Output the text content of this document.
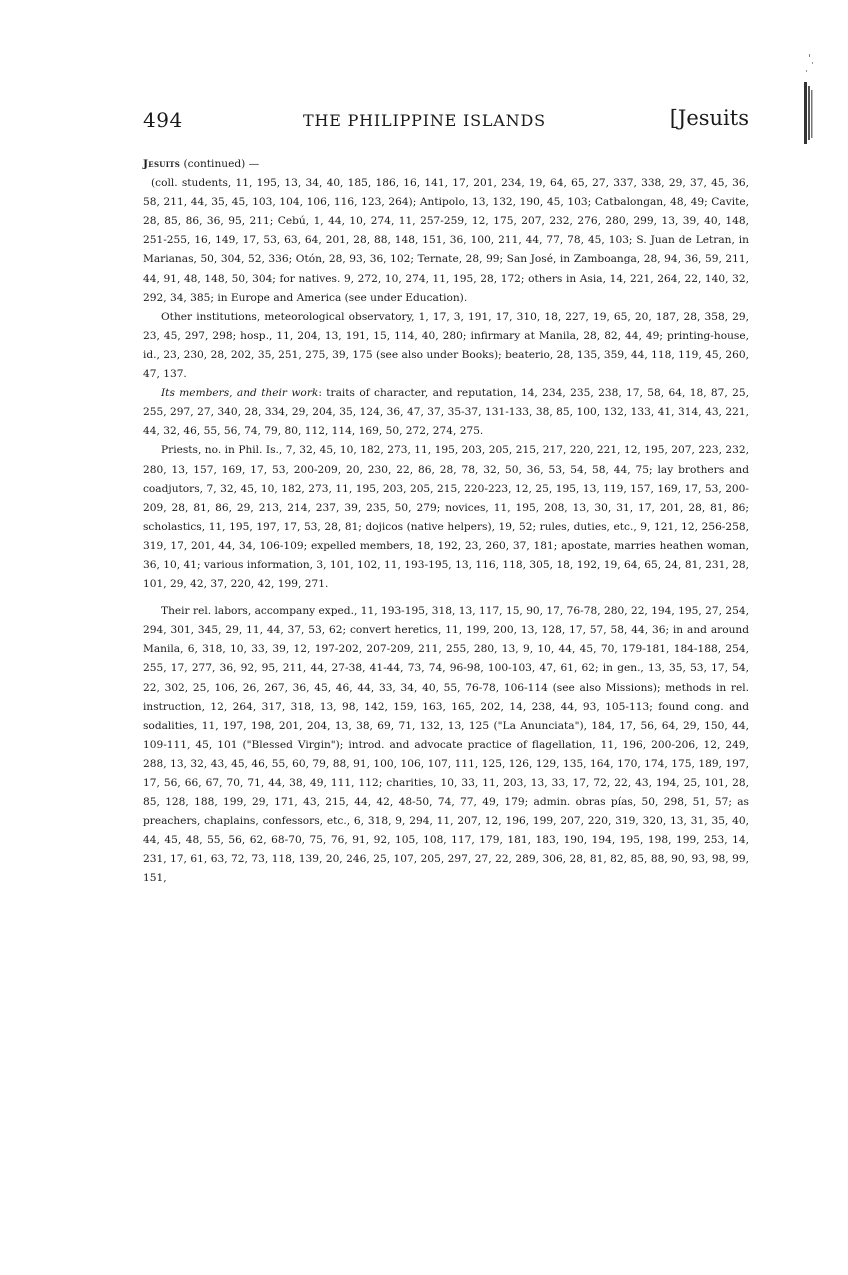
494	THE PHILIPPINE ISLANDS	[Jesuits

Jesuits (continued) —

(coll. students, 11, 195, 13, 34, 40, 185, 186, 16, 141, 17, 201, 234, 19, 64, 65, 27, 337, 338, 29, 37, 45, 36, 58, 211, 44, 35, 45, 103, 104, 106, 116, 123, 264); Antipolo, 13, 132, 190, 45, 103; Catbalongan, 48, 49; Cavite, 28, 85, 86, 36, 95, 211; Cebú, 1, 44, 10, 274, 11, 257-259, 12, 175, 207, 232, 276, 280, 299, 13, 39, 40, 148, 251-255, 16, 149, 17, 53, 63, 64, 201, 28, 88, 148, 151, 36, 100, 211, 44, 77, 78, 45, 103; S. Juan de Letran, in Marianas, 50, 304, 52, 336; Otón, 28, 93, 36, 102; Ternate, 28, 99; San José, in Zamboanga, 28, 94, 36, 59, 211, 44, 91, 48, 148, 50, 304; for natives. 9, 272, 10, 274, 11, 195, 28, 172; others in Asia, 14, 221, 264, 22, 140, 32, 292, 34, 385; in Europe and America (see under Education).

Other institutions, meteorological observatory, 1, 17, 3, 191, 17, 310, 18, 227, 19, 65, 20, 187, 28, 358, 29, 23, 45, 297, 298; hosp., 11, 204, 13, 191, 15, 114, 40, 280; infirmary at Manila, 28, 82, 44, 49; printing-house, id., 23, 230, 28, 202, 35, 251, 275, 39, 175 (see also under Books); beaterio, 28, 135, 359, 44, 118, 119, 45, 260, 47, 137.

Its members, and their work: traits of character, and reputation, 14, 234, 235, 238, 17, 58, 64, 18, 87, 25, 255, 297, 27, 340, 28, 334, 29, 204, 35, 124, 36, 47, 37, 35-37, 131-133, 38, 85, 100, 132, 133, 41, 314, 43, 221, 44, 32, 46, 55, 56, 74, 79, 80, 112, 114, 169, 50, 272, 274, 275.

Priests, no. in Phil. Is., 7, 32, 45, 10, 182, 273, 11, 195, 203, 205, 215, 217, 220, 221, 12, 195, 207, 223, 232, 280, 13, 157, 169, 17, 53, 200-209, 20, 230, 22, 86, 28, 78, 32, 50, 36, 53, 54, 58, 44, 75; lay brothers and coadjutors, 7, 32, 45, 10, 182, 273, 11, 195, 203, 205, 215, 220-223, 12, 25, 195, 13, 119, 157, 169, 17, 53, 200-209, 28, 81, 86, 29, 213, 214, 237, 39, 235, 50, 279; novices, 11, 195, 208, 13, 30, 31, 17, 201, 28, 81, 86; scholastics, 11, 195, 197, 17, 53, 28, 81; dojicos (native helpers), 19, 52; rules, duties, etc., 9, 121, 12, 256-258, 319, 17, 201, 44, 34, 106-109; expelled members, 18, 192, 23, 260, 37, 181; apostate, marries heathen woman, 36, 10, 41; various information, 3, 101, 102, 11, 193-195, 13, 116, 118, 305, 18, 192, 19, 64, 65, 24, 81, 231, 28, 101, 29, 42, 37, 220, 42, 199, 271.

Their rel. labors, accompany exped., 11, 193-195, 318, 13, 117, 15, 90, 17, 76-78, 280, 22, 194, 195, 27, 254, 294, 301, 345, 29, 11, 44, 37, 53, 62; convert heretics, 11, 199, 200, 13, 128, 17, 57, 58, 44, 36; in and around Manila, 6, 318, 10, 33, 39, 12, 197-202, 207-209, 211, 255, 280, 13, 9, 10, 44, 45, 70, 179-181, 184-188, 254, 255, 17, 277, 36, 92, 95, 211, 44, 27-38, 41-44, 73, 74, 96-98, 100-103, 47, 61, 62; in gen., 13, 35, 53, 17, 54, 22, 302, 25, 106, 26, 267, 36, 45, 46, 44, 33, 34, 40, 55, 76-78, 106-114 (see also Missions); methods in rel. instruction, 12, 264, 317, 318, 13, 98, 142, 159, 163, 165, 202, 14, 238, 44, 93, 105-113; found cong. and sodalities, 11, 197, 198, 201, 204, 13, 38, 69, 71, 132, 13, 125 ("La Anunciata"), 184, 17, 56, 64, 29, 150, 44, 109-111, 45, 101 ("Blessed Virgin"); introd. and advocate practice of flagellation, 11, 196, 200-206, 12, 249, 288, 13, 32, 43, 45, 46, 55, 60, 79, 88, 91, 100, 106, 107, 111, 125, 126, 129, 135, 164, 170, 174, 175, 189, 197, 17, 56, 66, 67, 70, 71, 44, 38, 49, 111, 112; charities, 10, 33, 11, 203, 13, 33, 17, 72, 22, 43, 194, 25, 101, 28, 85, 128, 188, 199, 29, 171, 43, 215, 44, 42, 48-50, 74, 77, 49, 179; admin. obras pías, 50, 298, 51, 57; as preachers, chaplains, confessors, etc., 6, 318, 9, 294, 11, 207, 12, 196, 199, 207, 220, 319, 320, 13, 31, 35, 40, 44, 45, 48, 55, 56, 62, 68-70, 75, 76, 91, 92, 105, 108, 117, 179, 181, 183, 190, 194, 195, 198, 199, 253, 14, 231, 17, 61, 63, 72, 73, 118, 139, 20, 246, 25, 107, 205, 297, 27, 22, 289, 306, 28, 81, 82, 85, 88, 90, 93, 98, 99, 151,
